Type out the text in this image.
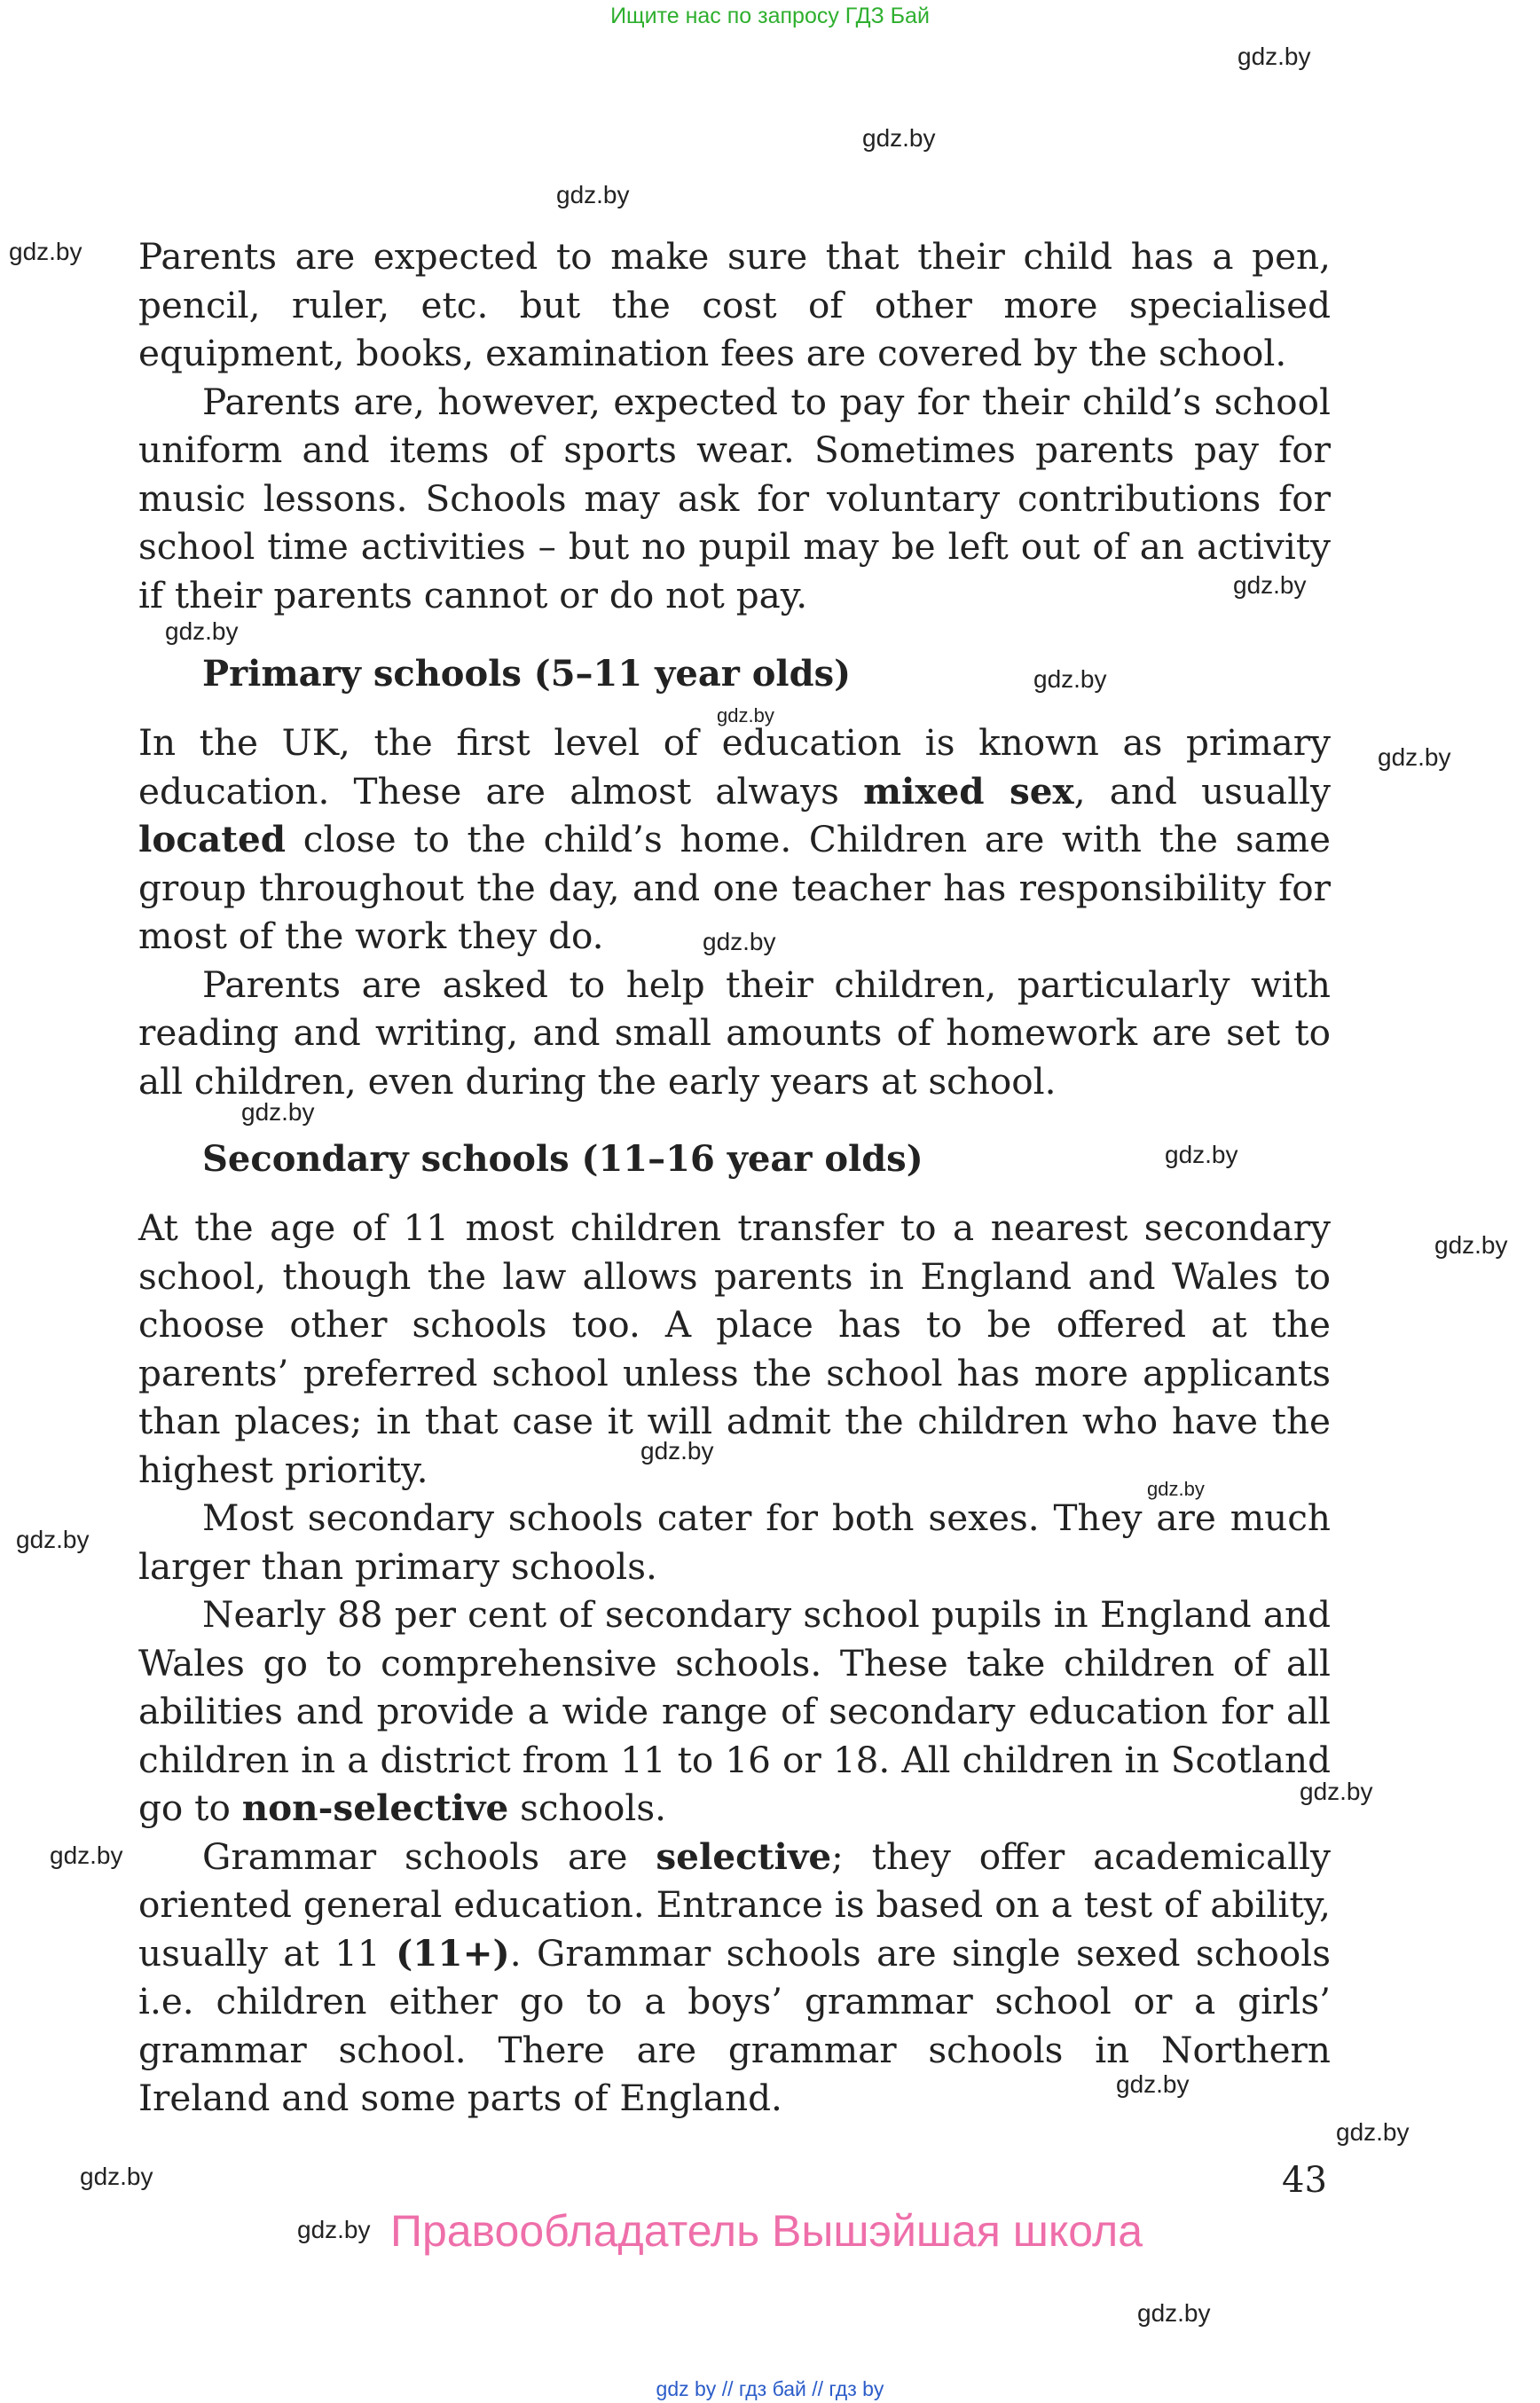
Ищите нас по запросу ГДЗ Бай
gdz.by
gdz.by
gdz.by
gdz.by
gdz.by
gdz.by
gdz.by
gdz.by
gdz.by
gdz.by
gdz.by
gdz.by
gdz.by
gdz.by
gdz.by
gdz.by
gdz.by
gdz.by
gdz.by
gdz.by
gdz.by
gdz.by
gdz.by

Parents are expected to make sure that their child has a pen, pencil, ruler, etc. but the cost of other more specialised equipment, books, examination fees are covered by the school.

Parents are, however, expected to pay for their child’s school uniform and items of sports wear. Sometimes parents pay for music lessons. Schools may ask for voluntary contributions for school time activities – but no pupil may be left out of an activity if their parents cannot or do not pay.

Primary schools (5–11 year olds)

In the UK, the first level of education is known as primary education. These are almost always mixed sex, and usually located close to the child’s home. Children are with the same group throughout the day, and one teacher has responsibility for most of the work they do.

Parents are asked to help their children, particularly with reading and writing, and small amounts of homework are set to all children, even during the early years at school.

Secondary schools (11–16 year olds)

At the age of 11 most children transfer to a nearest secondary school, though the law allows parents in England and Wales to choose other schools too. A place has to be offered at the parents’ preferred school unless the school has more applicants than places; in that case it will admit the children who have the highest priority.

Most secondary schools cater for both sexes. They are much larger than primary schools.

Nearly 88 per cent of secondary school pupils in England and Wales go to comprehensive schools. These take children of all abilities and provide a wide range of secondary education for all children in a district from 11 to 16 or 18. All children in Scotland go to non-selective schools.

Grammar schools are selective; they offer academically oriented general education. Entrance is based on a test of ability, usually at 11 (11+). Grammar schools are single sexed schools i.e. children either go to a boys’ grammar school or a girls’ grammar school. There are grammar schools in Northern Ireland and some parts of England.

43
Правообладатель Вышэйшая школа
gdz by // гдз бай // гдз by
